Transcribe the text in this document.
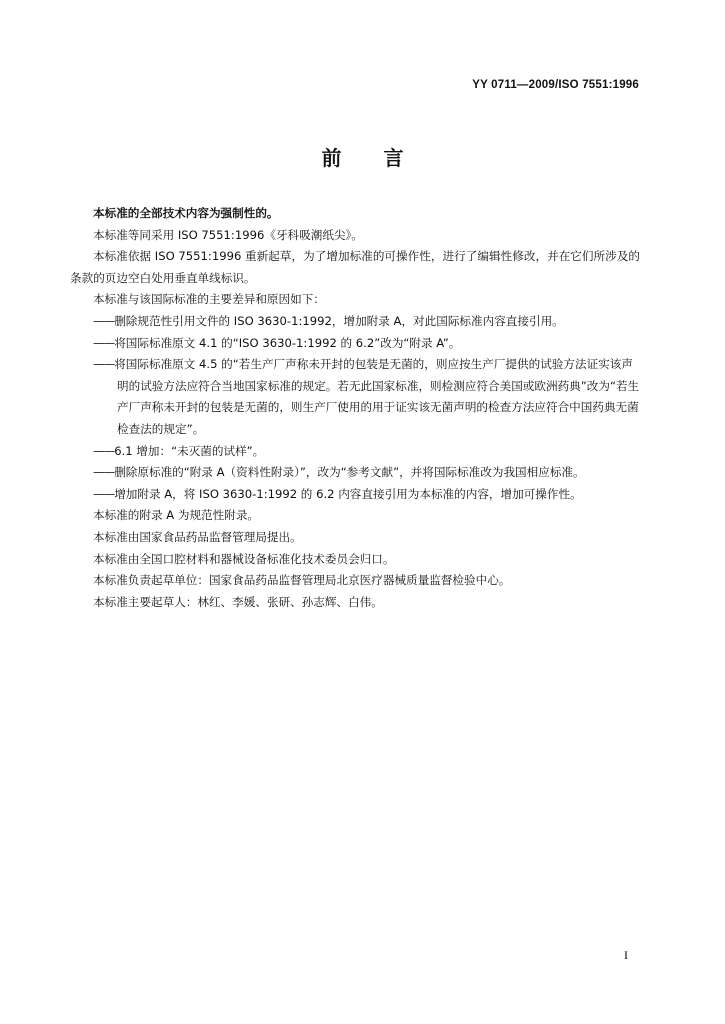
YY 0711—2009/ISO 7551:1996
前 言

本标准的全部技术内容为强制性的。

本标准等同采用 ISO 7551:1996《牙科吸潮纸尖》。

本标准依据 ISO 7551:1996 重新起草，为了增加标准的可操作性，进行了编辑性修改，并在它们所涉及的条款的页边空白处用垂直单线标识。

本标准与该国际标准的主要差异和原因如下：

——删除规范性引用文件的 ISO 3630-1:1992，增加附录 A，对此国际标准内容直接引用。

——将国际标准原文 4.1 的“ISO 3630-1:1992 的 6.2”改为“附录 A”。

——将国际标准原文 4.5 的“若生产厂声称未开封的包装是无菌的，则应按生产厂提供的试验方法证实该声明的试验方法应符合当地国家标准的规定。若无此国家标准，则检测应符合美国或欧洲药典”改为“若生产厂声称未开封的包装是无菌的，则生产厂使用的用于证实该无菌声明的检查方法应符合中国药典无菌检查法的规定”。

——6.1 增加：“未灭菌的试样”。

——删除原标准的“附录 A（资料性附录）”，改为“参考文献”，并将国际标准改为我国相应标准。

——增加附录 A，将 ISO 3630-1:1992 的 6.2 内容直接引用为本标准的内容，增加可操作性。

本标准的附录 A 为规范性附录。

本标准由国家食品药品监督管理局提出。

本标准由全国口腔材料和器械设备标准化技术委员会归口。

本标准负责起草单位：国家食品药品监督管理局北京医疗器械质量监督检验中心。

本标准主要起草人：林红、李媛、张研、孙志辉、白伟。

I
